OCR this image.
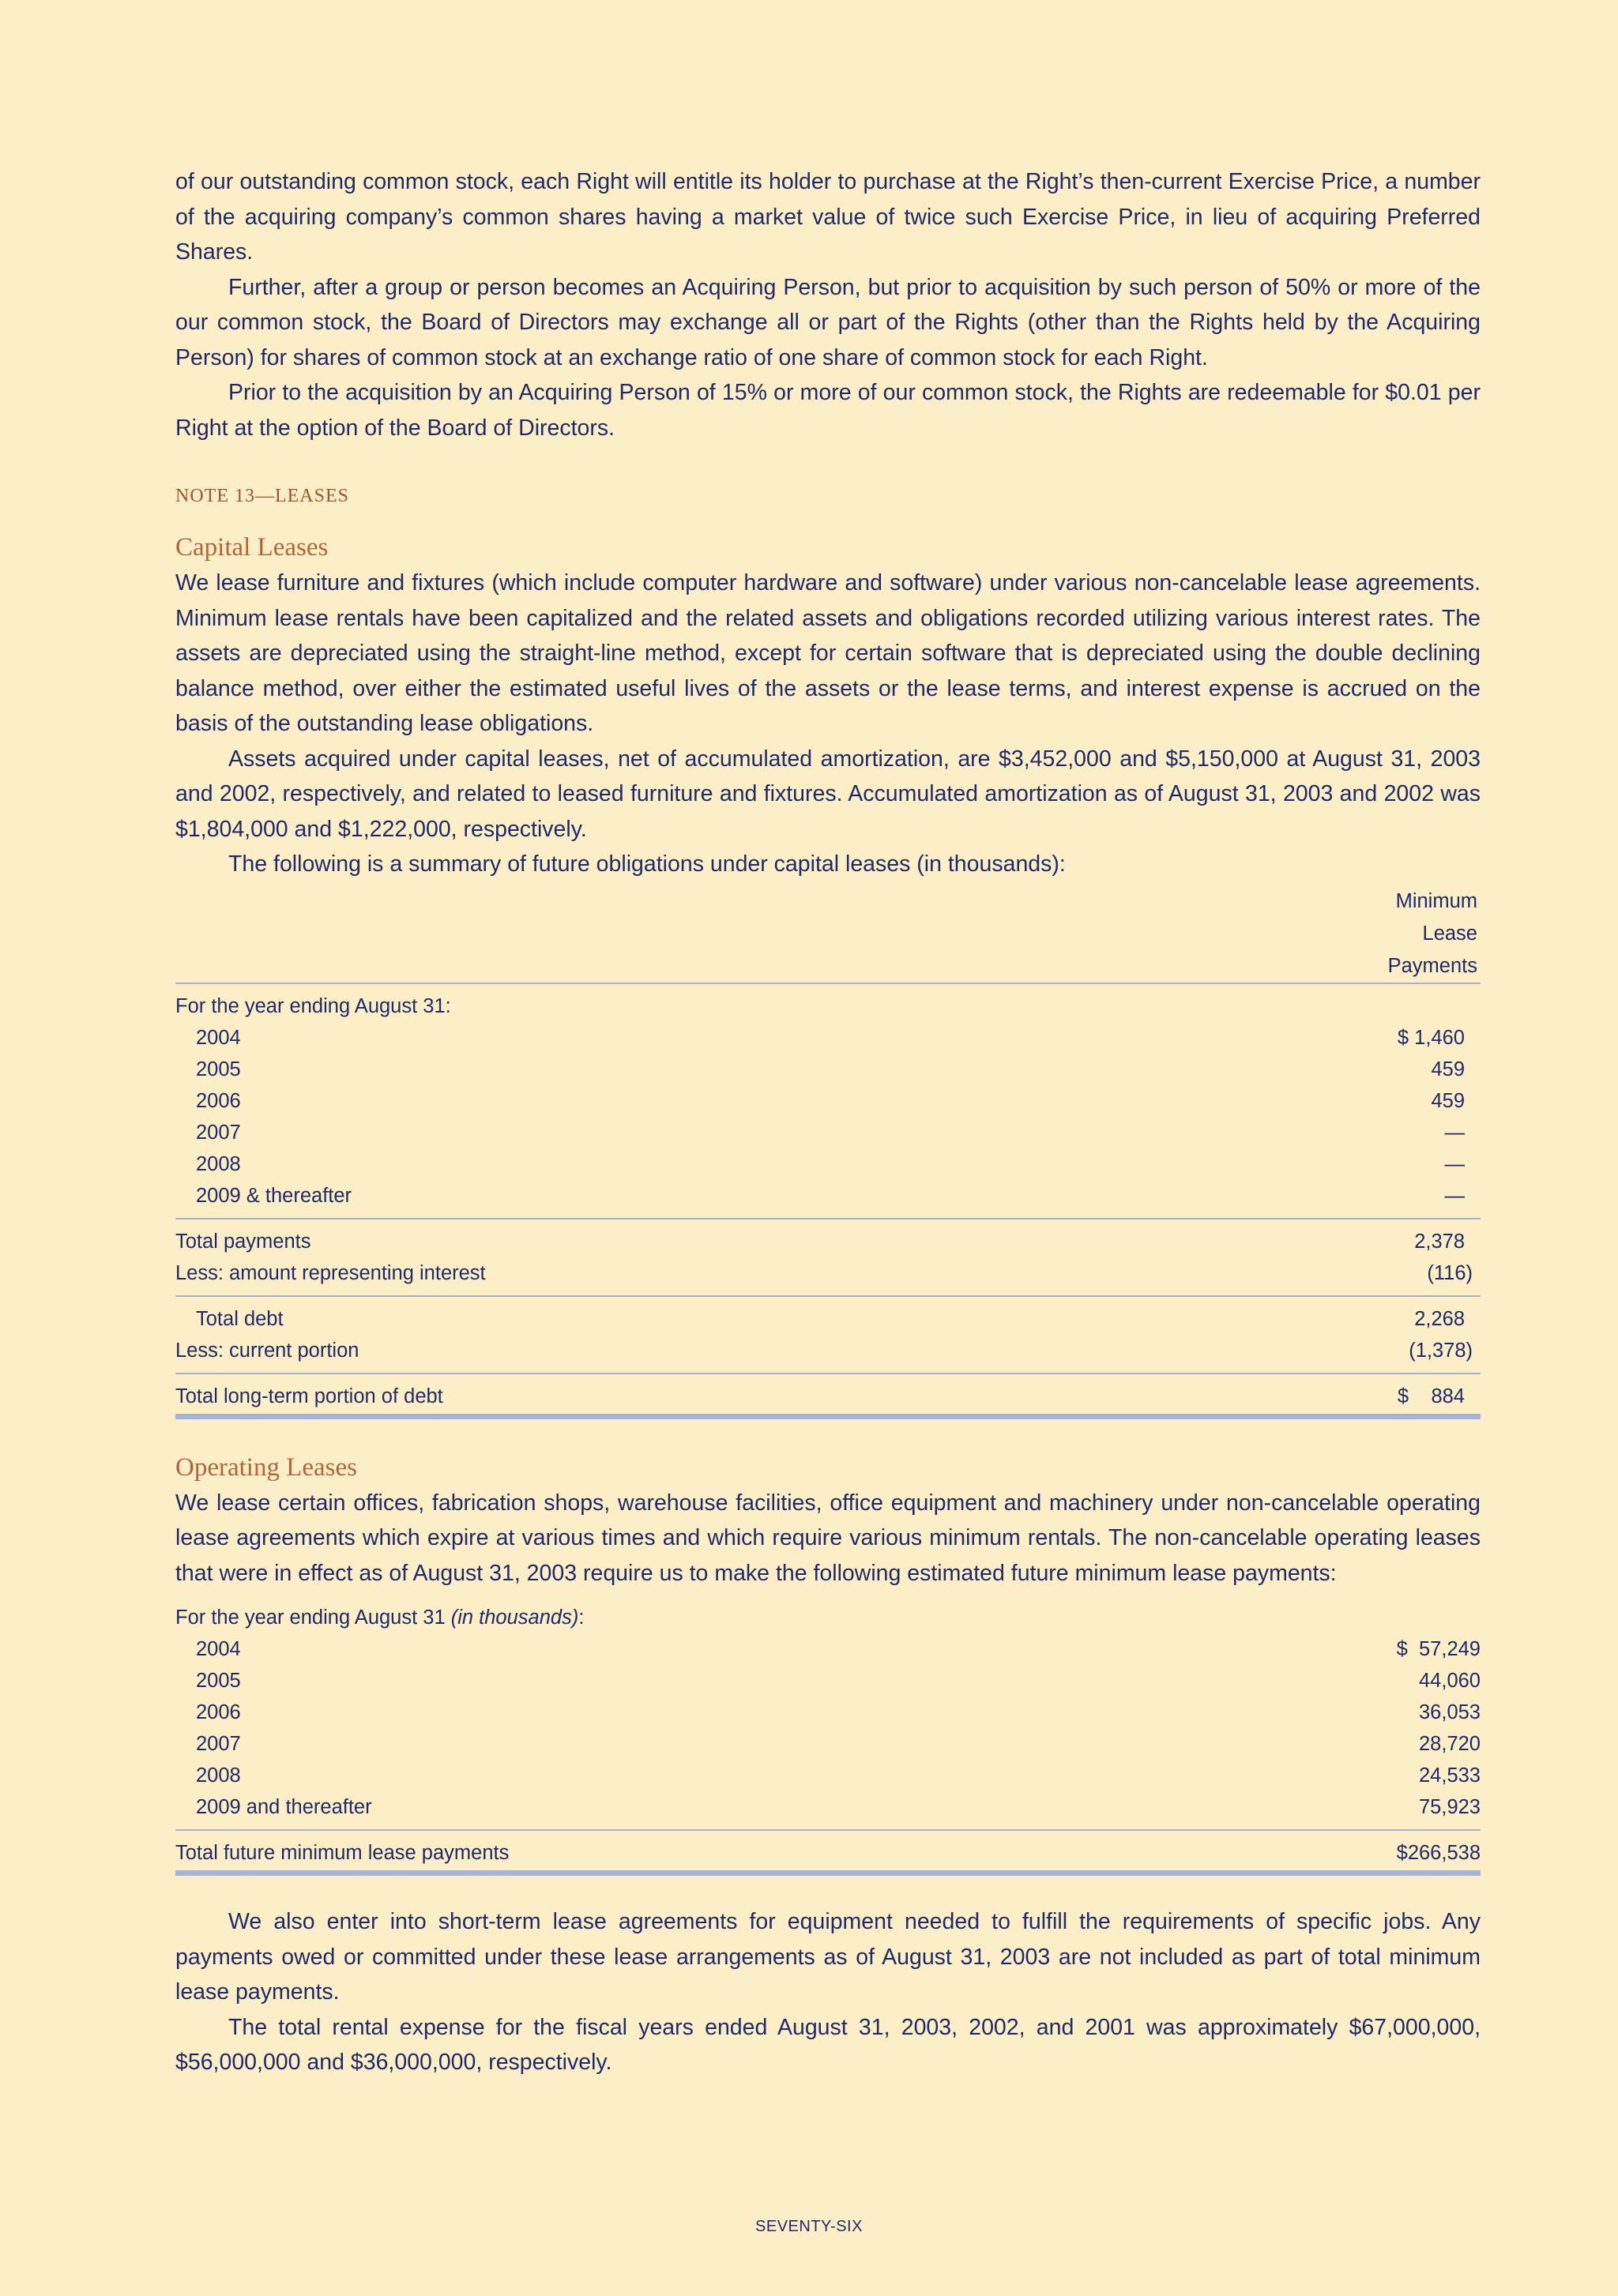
of our outstanding common stock, each Right will entitle its holder to purchase at the Right’s then-current Exercise Price, a number of the acquiring company’s common shares having a market value of twice such Exercise Price, in lieu of acquiring Preferred Shares.

Further, after a group or person becomes an Acquiring Person, but prior to acquisition by such person of 50% or more of the our common stock, the Board of Directors may exchange all or part of the Rights (other than the Rights held by the Acquiring Person) for shares of common stock at an exchange ratio of one share of common stock for each Right.

Prior to the acquisition by an Acquiring Person of 15% or more of our common stock, the Rights are redeemable for $0.01 per Right at the option of the Board of Directors.

NOTE 13—LEASES
Capital Leases

We lease furniture and fixtures (which include computer hardware and software) under various non-cancelable lease agreements. Minimum lease rentals have been capitalized and the related assets and obligations recorded utilizing various interest rates. The assets are depreciated using the straight-line method, except for certain software that is depreciated using the double declining balance method, over either the estimated useful lives of the assets or the lease terms, and interest expense is accrued on the basis of the outstanding lease obligations.

Assets acquired under capital leases, net of accumulated amortization, are $3,452,000 and $5,150,000 at August 31, 2003 and 2002, respectively, and related to leased furniture and fixtures. Accumulated amortization as of August 31, 2003 and 2002 was $1,804,000 and $1,222,000, respectively.

The following is a summary of future obligations under capital leases (in thousands):

	Minimum
Lease
Payments

For the year ending August 31:	
2004	$ 1,460
2005	459
2006	459
2007	—
2008	—
2009 & thereafter	—
Total payments	2,378
Less: amount representing interest	(116)
Total debt	2,268
Less: current portion	(1,378)
Total long-term portion of debt	$    884
Operating Leases

We lease certain offices, fabrication shops, warehouse facilities, office equipment and machinery under non-cancelable operating lease agreements which expire at various times and which require various minimum rentals. The non-cancelable operating leases that were in effect as of August 31, 2003 require us to make the following estimated future minimum lease payments:

For the year ending August 31 (in thousands):	
2004	$  57,249
2005	44,060
2006	36,053
2007	28,720
2008	24,533
2009 and thereafter	75,923
Total future minimum lease payments	$266,538

We also enter into short-term lease agreements for equipment needed to fulfill the requirements of specific jobs. Any payments owed or committed under these lease arrangements as of August 31, 2003 are not included as part of total minimum lease payments.

The total rental expense for the fiscal years ended August 31, 2003, 2002, and 2001 was approximately $67,000,000, $56,000,000 and $36,000,000, respectively.

SEVENTY-SIX
